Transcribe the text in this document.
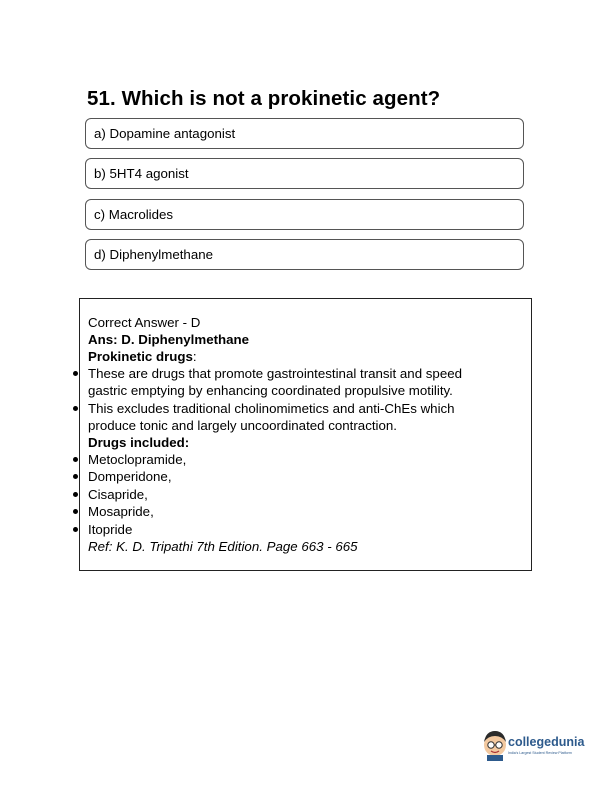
51. Which is not a prokinetic agent?
a) Dopamine antagonist
b) 5HT4 agonist
c) Macrolides
d) Diphenylmethane
Correct Answer - D
Ans: D. Diphenylmethane
Prokinetic drugs:
These are drugs that promote gastrointestinal transit and speed
gastric emptying by enhancing coordinated propulsive motility.
This excludes traditional cholinomimetics and anti-ChEs which
produce tonic and largely uncoordinated contraction.
Drugs included:
Metoclopramide,
Domperidone,
Cisapride,
Mosapride,
Itopride
Ref: K. D. Tripathi 7th Edition. Page 663 - 665
collegedunia
India's Largest Student Review Platform
